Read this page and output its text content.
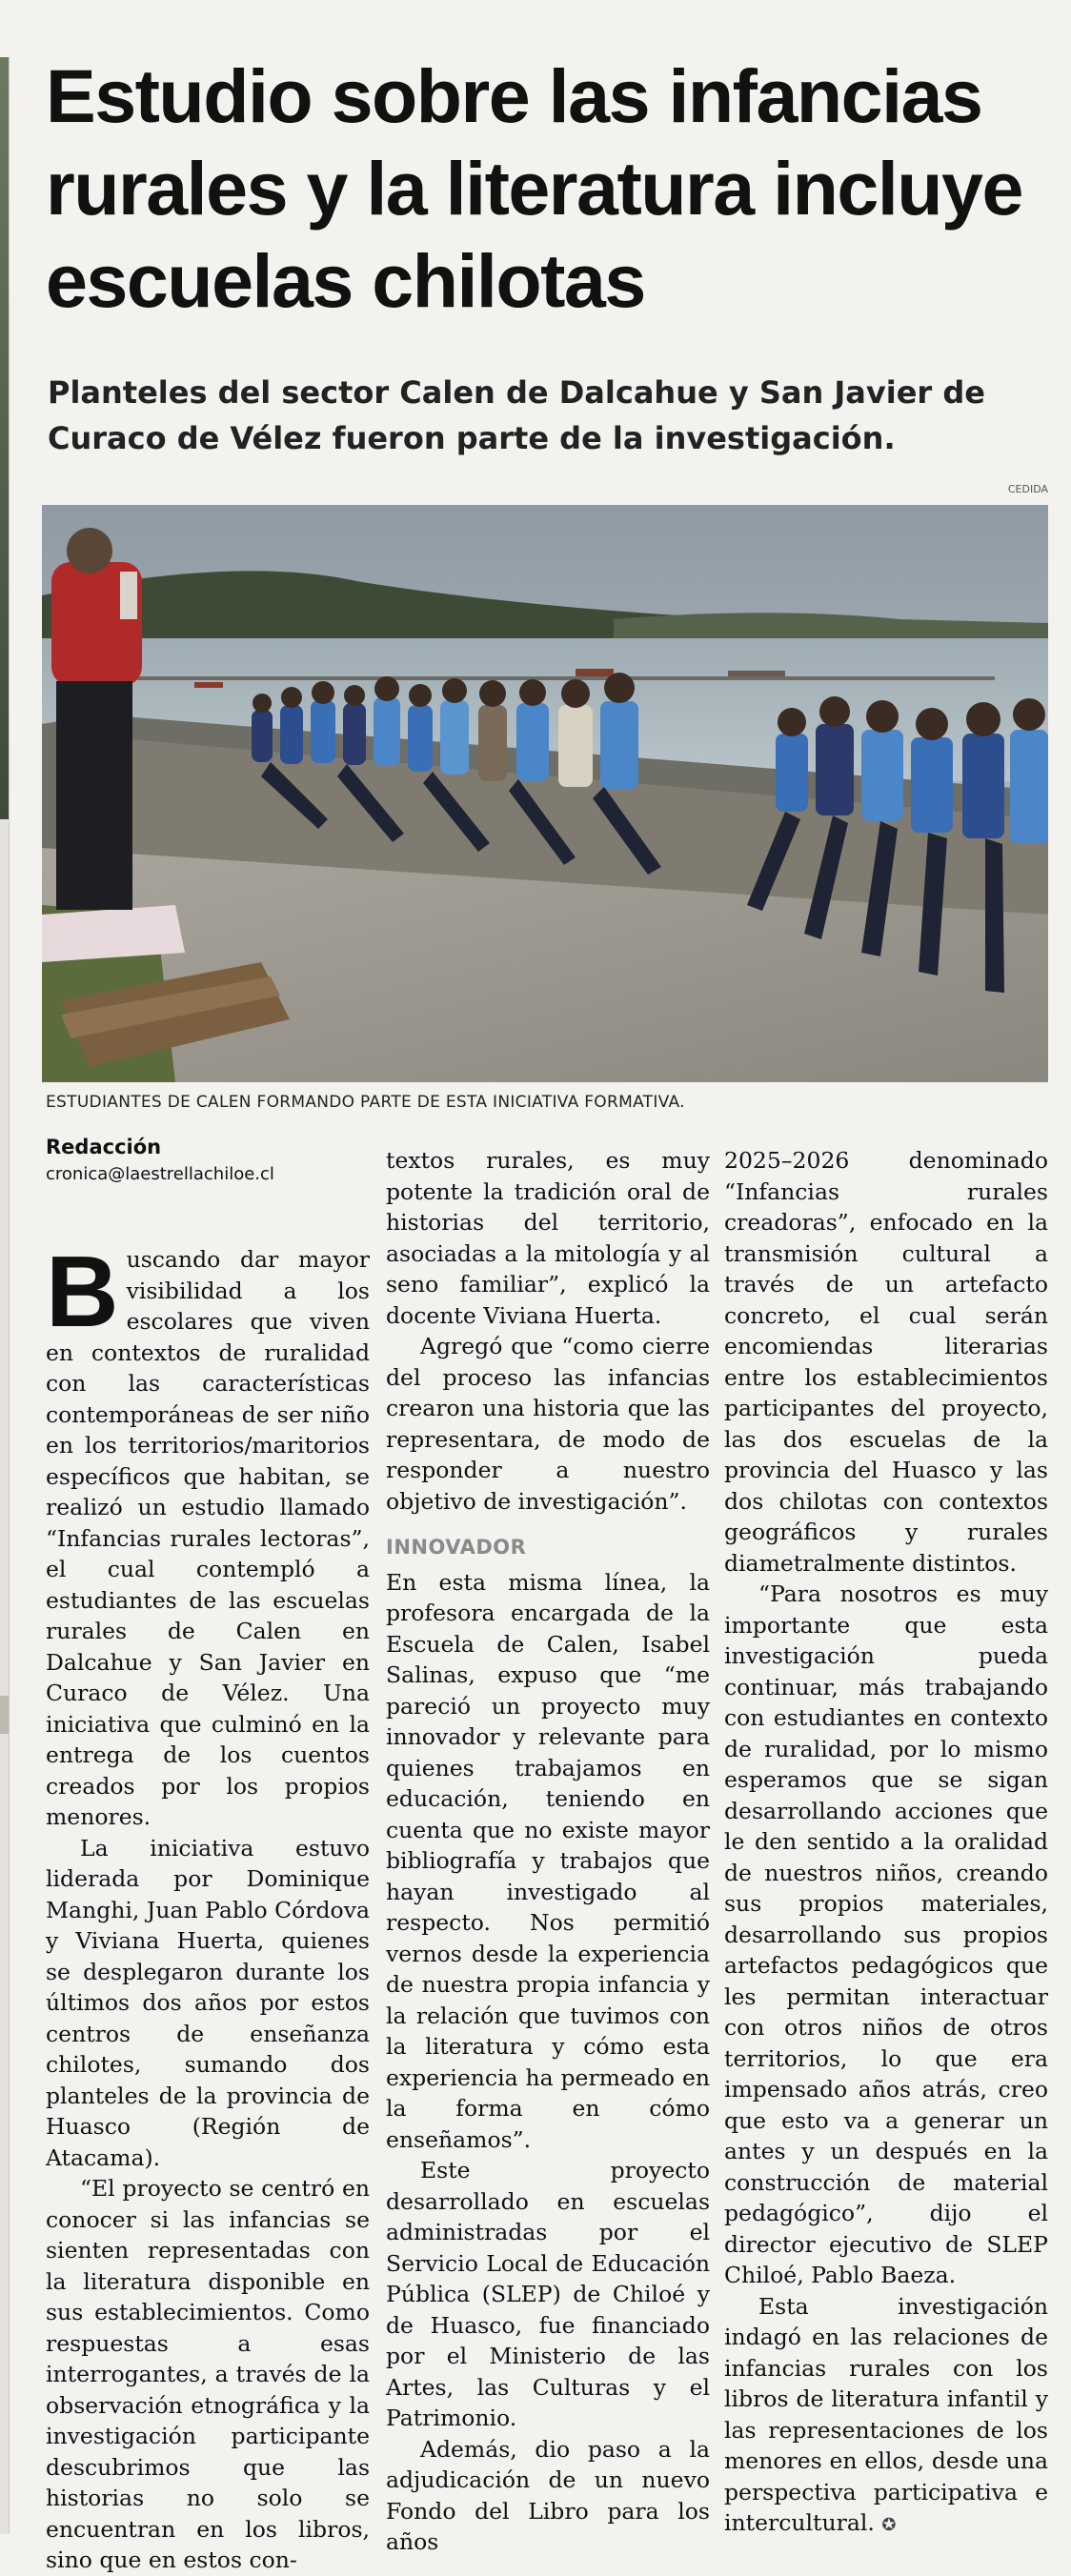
Estudio sobre las infancias rurales y la literatura incluye escuelas chilotas
Planteles del sector Calen de Dalcahue y San Javier de Curaco de Vélez fueron parte de la investigación.
CEDIDA
ESTUDIANTES DE CALEN FORMANDO PARTE DE ESTA INICIATIVA FORMATIVA.
Redacción
cronica@laestrellachiloe.cl

Buscando dar mayor visibilidad a los escolares que viven en contextos de ruralidad con las características contemporáneas de ser niño en los territorios/maritorios específicos que habitan, se realizó un estudio llamado “Infancias rurales lectoras”, el cual contempló a estudiantes de las escuelas rurales de Calen en Dalcahue y San Javier en Curaco de Vélez. Una iniciativa que culminó en la entrega de los cuentos creados por los propios menores.

La iniciativa estuvo liderada por Dominique Manghi, Juan Pablo Córdova y Viviana Huerta, quienes se desplegaron durante los últimos dos años por estos centros de enseñanza chilotes, sumando dos planteles de la provincia de Huasco (Región de Atacama).

“El proyecto se centró en conocer si las infancias se sienten representadas con la literatura disponible en sus establecimientos. Como respuestas a esas interrogantes, a través de la observación etnográfica y la investigación participante descubrimos que las historias no solo se encuentran en los libros, sino que en estos con-

textos rurales, es muy potente la tradición oral de historias del territorio, asociadas a la mitología y al seno familiar”, explicó la docente Viviana Huerta.

Agregó que “como cierre del proceso las infancias crearon una historia que las representara, de modo de responder a nuestro objetivo de investigación”.

INNOVADOR

En esta misma línea, la profesora encargada de la Escuela de Calen, Isabel Salinas, expuso que “me pareció un proyecto muy innovador y relevante para quienes trabajamos en educación, teniendo en cuenta que no existe mayor bibliografía y trabajos que hayan investigado al respecto. Nos permitió vernos desde la experiencia de nuestra propia infancia y la relación que tuvimos con la literatura y cómo esta experiencia ha permeado en la forma en cómo enseñamos”.

Este proyecto desarrollado en escuelas administradas por el Servicio Local de Educación Pública (SLEP) de Chiloé y de Huasco, fue financiado por el Ministerio de las Artes, las Culturas y el Patrimonio.

Además, dio paso a la adjudicación de un nuevo Fondo del Libro para los años

2025–2026 denominado “Infancias rurales creadoras”, enfocado en la transmisión cultural a través de un artefacto concreto, el cual serán encomiendas literarias entre los establecimientos participantes del proyecto, las dos escuelas de la provincia del Huasco y las dos chilotas con contextos geográficos y rurales diametralmente distintos.

“Para nosotros es muy importante que esta investigación pueda continuar, más trabajando con estudiantes en contexto de ruralidad, por lo mismo esperamos que se sigan desarrollando acciones que le den sentido a la oralidad de nuestros niños, creando sus propios materiales, desarrollando sus propios artefactos pedagógicos que les permitan interactuar con otros niños de otros territorios, lo que era impensado años atrás, creo que esto va a generar un antes y un después en la construcción de material pedagógico”, dijo el director ejecutivo de SLEP Chiloé, Pablo Baeza.

Esta investigación indagó en las relaciones de infancias rurales con los libros de literatura infantil y las representaciones de los menores en ellos, desde una perspectiva participativa e intercultural. ✪
